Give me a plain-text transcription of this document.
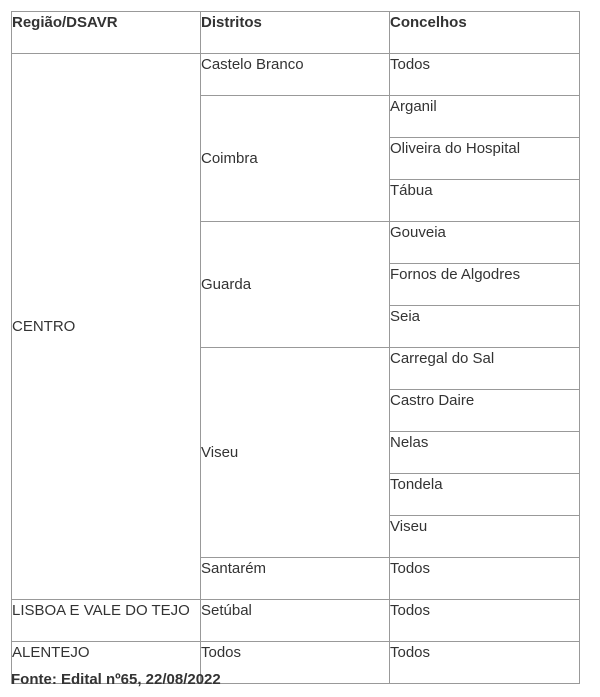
Região/DSAVR	Distritos	Concelhos
CENTRO	Castelo Branco	Todos
	Coimbra	Arganil
		Oliveira do Hospital
		Tábua
	Guarda	Gouveia
		Fornos de Algodres
		Seia
	Viseu	Carregal do Sal
		Castro Daire
		Nelas
		Tondela
		Viseu
	Santarém	Todos
LISBOA E VALE DO TEJO	Setúbal	Todos
ALENTEJO	Todos	Todos
Fonte: Edital nº65, 22/08/2022
